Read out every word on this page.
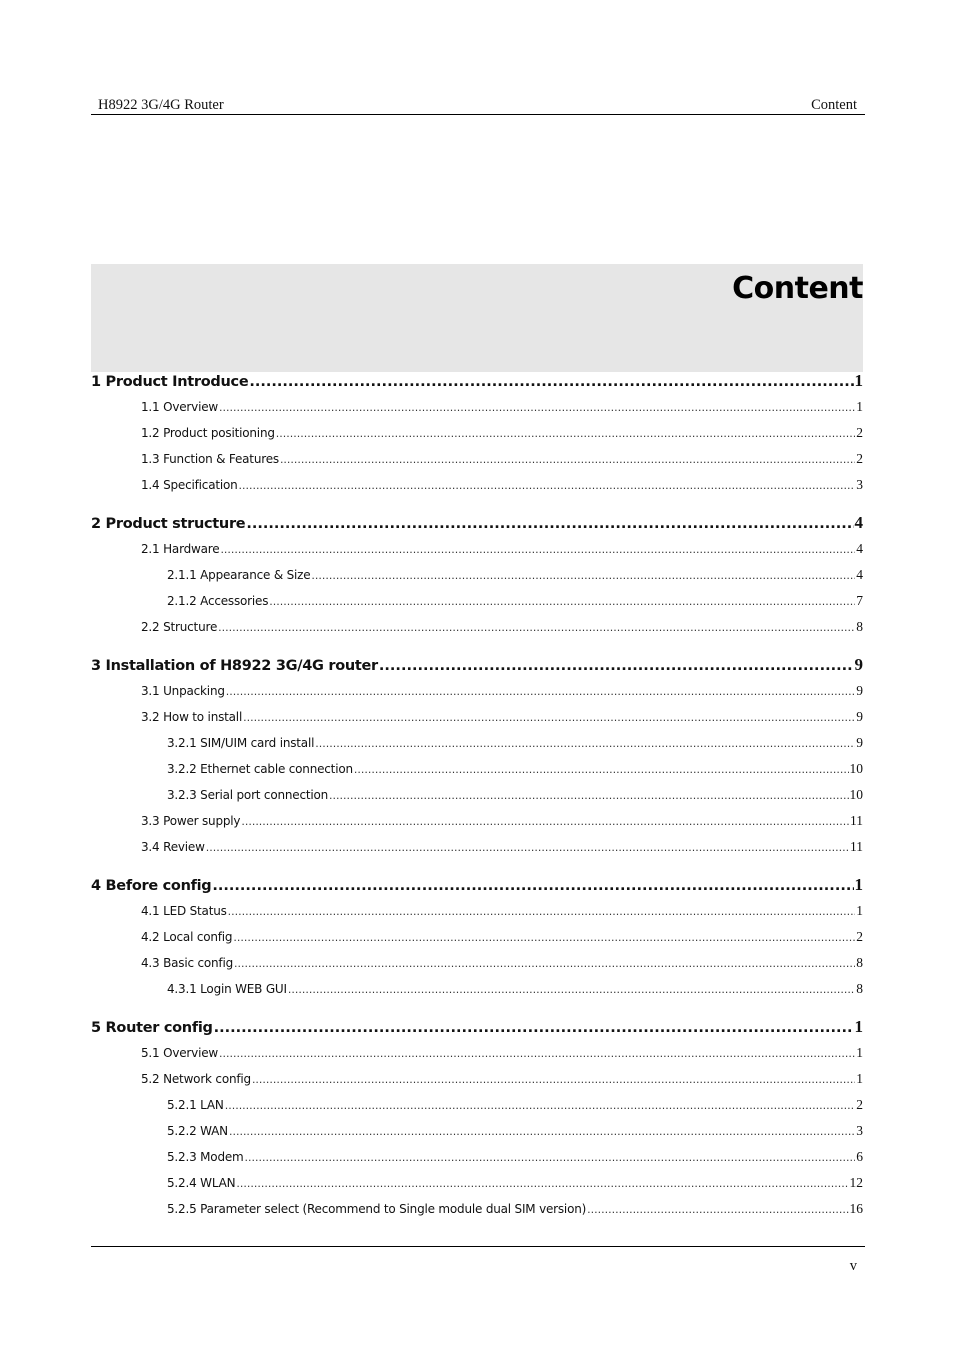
H8922 3G/4G Router	Content
Content
1 Product Introduce .....	1
1.1 Overview .....	1
1.2 Product positioning .....	2
1.3 Function & Features .....	2
1.4 Specification .....	3
2 Product structure .....	4
2.1 Hardware .....	4
2.1.1 Appearance & Size .....	4
2.1.2 Accessories .....	7
2.2 Structure .....	8
3 Installation of H8922 3G/4G router .....	9
3.1 Unpacking .....	9
3.2 How to install .....	9
3.2.1 SIM/UIM card install .....	9
3.2.2 Ethernet cable connection .....	10
3.2.3 Serial port connection .....	10
3.3 Power supply .....	11
3.4 Review .....	11
4 Before config .....	1
4.1 LED Status .....	1
4.2 Local config .....	2
4.3 Basic config .....	8
4.3.1 Login WEB GUI .....	8
5 Router config .....	1
5.1 Overview .....	1
5.2 Network config .....	1
5.2.1 LAN .....	2
5.2.2 WAN .....	3
5.2.3 Modem .....	6
5.2.4 WLAN .....	12
5.2.5 Parameter select (Recommend to Single module dual SIM version) .....	16
v
